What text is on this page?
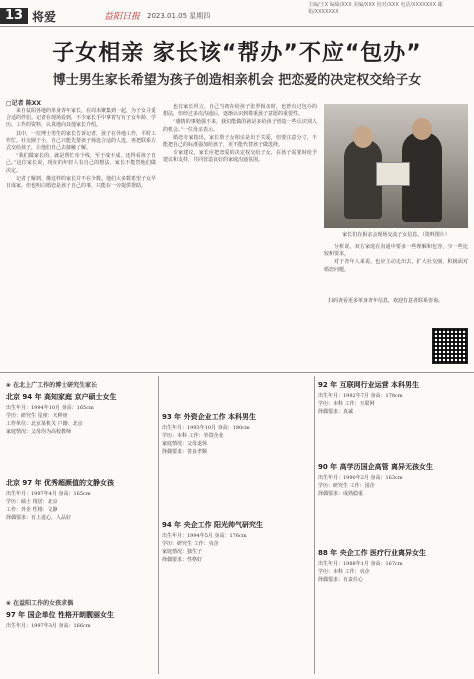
13 将爱	益阳日报 2023.01.05 星期四
主编/王X 编辑/XXX 美编/XXX 校对/XXX 电话/XXXXXXX 邮箱/XXXXXXX
子女相亲 家长该“帮办”不应“包办”
博士男生家长希望为孩子创造相亲机会 把恋爱的决定权交给子女
□记者 陈XX

来自益阳各地的单身青年家长，在周末聚集到一起，为子女寻觅合适的伴侣。记者在现场看到，不少家长手中拿着写有子女年龄、学历、工作的资料，认真地向其他家长介绍。

其中，一位博士男生的家长告诉记者，孩子在外地工作，平时工作忙，社交圈子小，自己只能先帮孩子筛选合适的人选，再把联系方式交给孩子，让他们自己去接触了解。

“我们做家长的，就是帮忙牵个线，至于成不成，还得看孩子自己。”这位家长说，现在的年轻人有自己的想法，家长不能替他们做决定。

记者了解到，像这样的家长并不在少数。他们大多数希望子女早日成家，但也明白婚恋是孩子自己的事，只能在一旁提供帮助。

也有家长坦言，自己当初在给孩子张罗相亲时，也曾有过包办的想法，但经过多次沟通后，逐渐认识到尊重孩子意愿的重要性。

“感情的事勉强不来，我们能做的就是多给孩子创造一些认识别人的机会。”一位母亲表示。

婚恋专家指出，家长帮子女相亲是出于关爱，但要注意分寸，不能把自己的标准强加给孩子，更不能代替孩子做选择。

专家建议，家长应把恋爱的决定权交给子女，在孩子需要时给予建议和支持，共同营造良好的家庭沟通氛围。

家长们在相亲会现场交流子女信息。（资料图片）

分析说，双方家庭在沟通中要多一些理解和包容，少一些比较和要求。

对于青年人来说，也应主动走出去，扩大社交圈，积极面对婚恋问题。

扫码查看更多单身青年信息，欢迎有意者联系咨询。
❀ 在北上广工作的博士研究生家长
北京 94 年 高知家庭 京户硕士女生
出生年月：1994年10月 身高：165cm
学历：研究生 星座：天秤座
工作单位：北京某机关 户籍：北京
家庭情况：父母均为高校教师
北京 97 年 优秀超颜值的文静女孩
出生年月：1997年4月 身高：165cm
学历：硕士 现居：北京
工作：外企 性格：文静
择偶要求：有上进心，人品好
❀ 在益阳工作的女孩求偶
97 年 国企单位 性格开朗靓丽女生
出生年月：1997年3月 身高：166cm
93 年 外资企业工作 本科男生
出生年月：1993年10月 身高：180cm
学历：本科 工作：外资企业
家庭情况：父母退休
择偶要求：善良孝顺
94 年 央企工作 阳光帅气研究生
出生年月：1994年5月 身高：176cm
学历：研究生 工作：央企
家庭情况：独生子
择偶要求：性格好
92 年 互联网行业运营 本科男生
出生年月：1992年7月 身高：178cm
学历：本科 工作：互联网
择偶要求：真诚
90 年 高学历国企高管 离异无孩女生
出生年月：1990年2月 身高：163cm
学历：研究生 工作：国企
择偶要求：成熟稳重
88 年 央企工作 医疗行业离异女生
出生年月：1988年1月 身高：167cm
学历：本科 工作：央企
择偶要求：有责任心
